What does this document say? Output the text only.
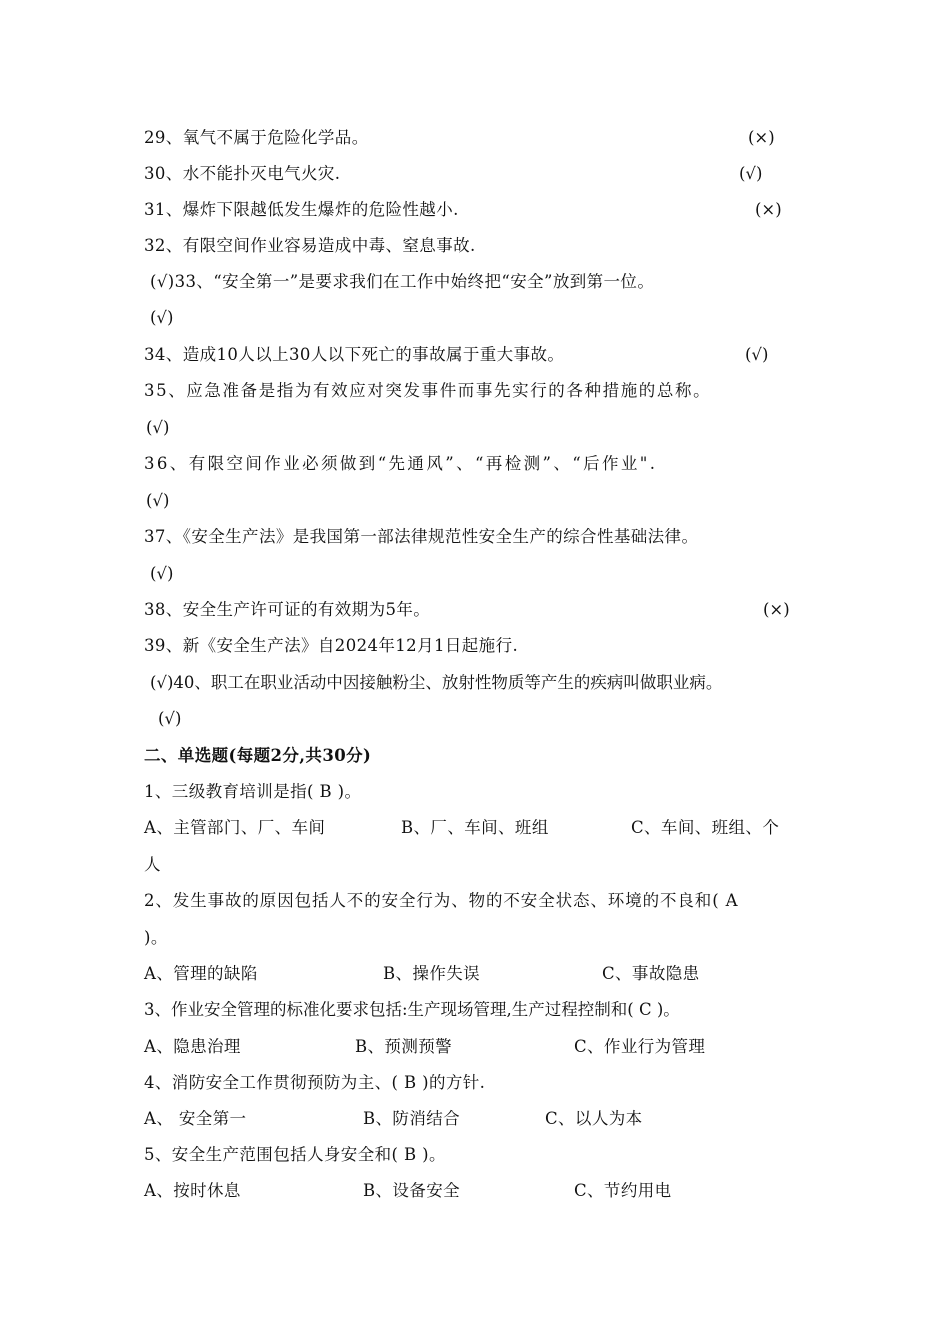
29、氧气不属于危险化学品。	(×)
30、水不能扑灭电气火灾.	(√)
31、爆炸下限越低发生爆炸的危险性越小.	(×)
32、有限空间作业容易造成中毒、窒息事故.
(√)33、“安全第一”是要求我们在工作中始终把“安全”放到第一位。
(√)
34、造成10人以上30人以下死亡的事故属于重大事故。	(√)
35、应急准备是指为有效应对突发事件而事先实行的各种措施的总称。
(√)
36、有限空间作业必须做到“先通风”、“再检测”、“后作业".
(√)
37、《安全生产法》是我国第一部法律规范性安全生产的综合性基础法律。
(√)
38、安全生产许可证的有效期为5年。	(×)
39、新《安全生产法》自2024年12月1日起施行.
(√)40、职工在职业活动中因接触粉尘、放射性物质等产生的疾病叫做职业病。
(√)
二、单选题(每题2分,共30分)
1、三级教育培训是指( B )。
A、主管部门、厂、车间	B、厂、车间、班组	C、车间、班组、个
人
2、发生事故的原因包括人不的安全行为、物的不安全状态、环境的不良和( A
)。
A、管理的缺陷	B、操作失误	C、事故隐患
3、作业安全管理的标准化要求包括:生产现场管理,生产过程控制和( C )。
A、隐患治理	B、预测预警	C、作业行为管理
4、消防安全工作贯彻预防为主、( B )的方针.
A、 安全第一	B、防消结合	C、以人为本
5、安全生产范围包括人身安全和( B )。
A、按时休息	B、设备安全	C、节约用电
